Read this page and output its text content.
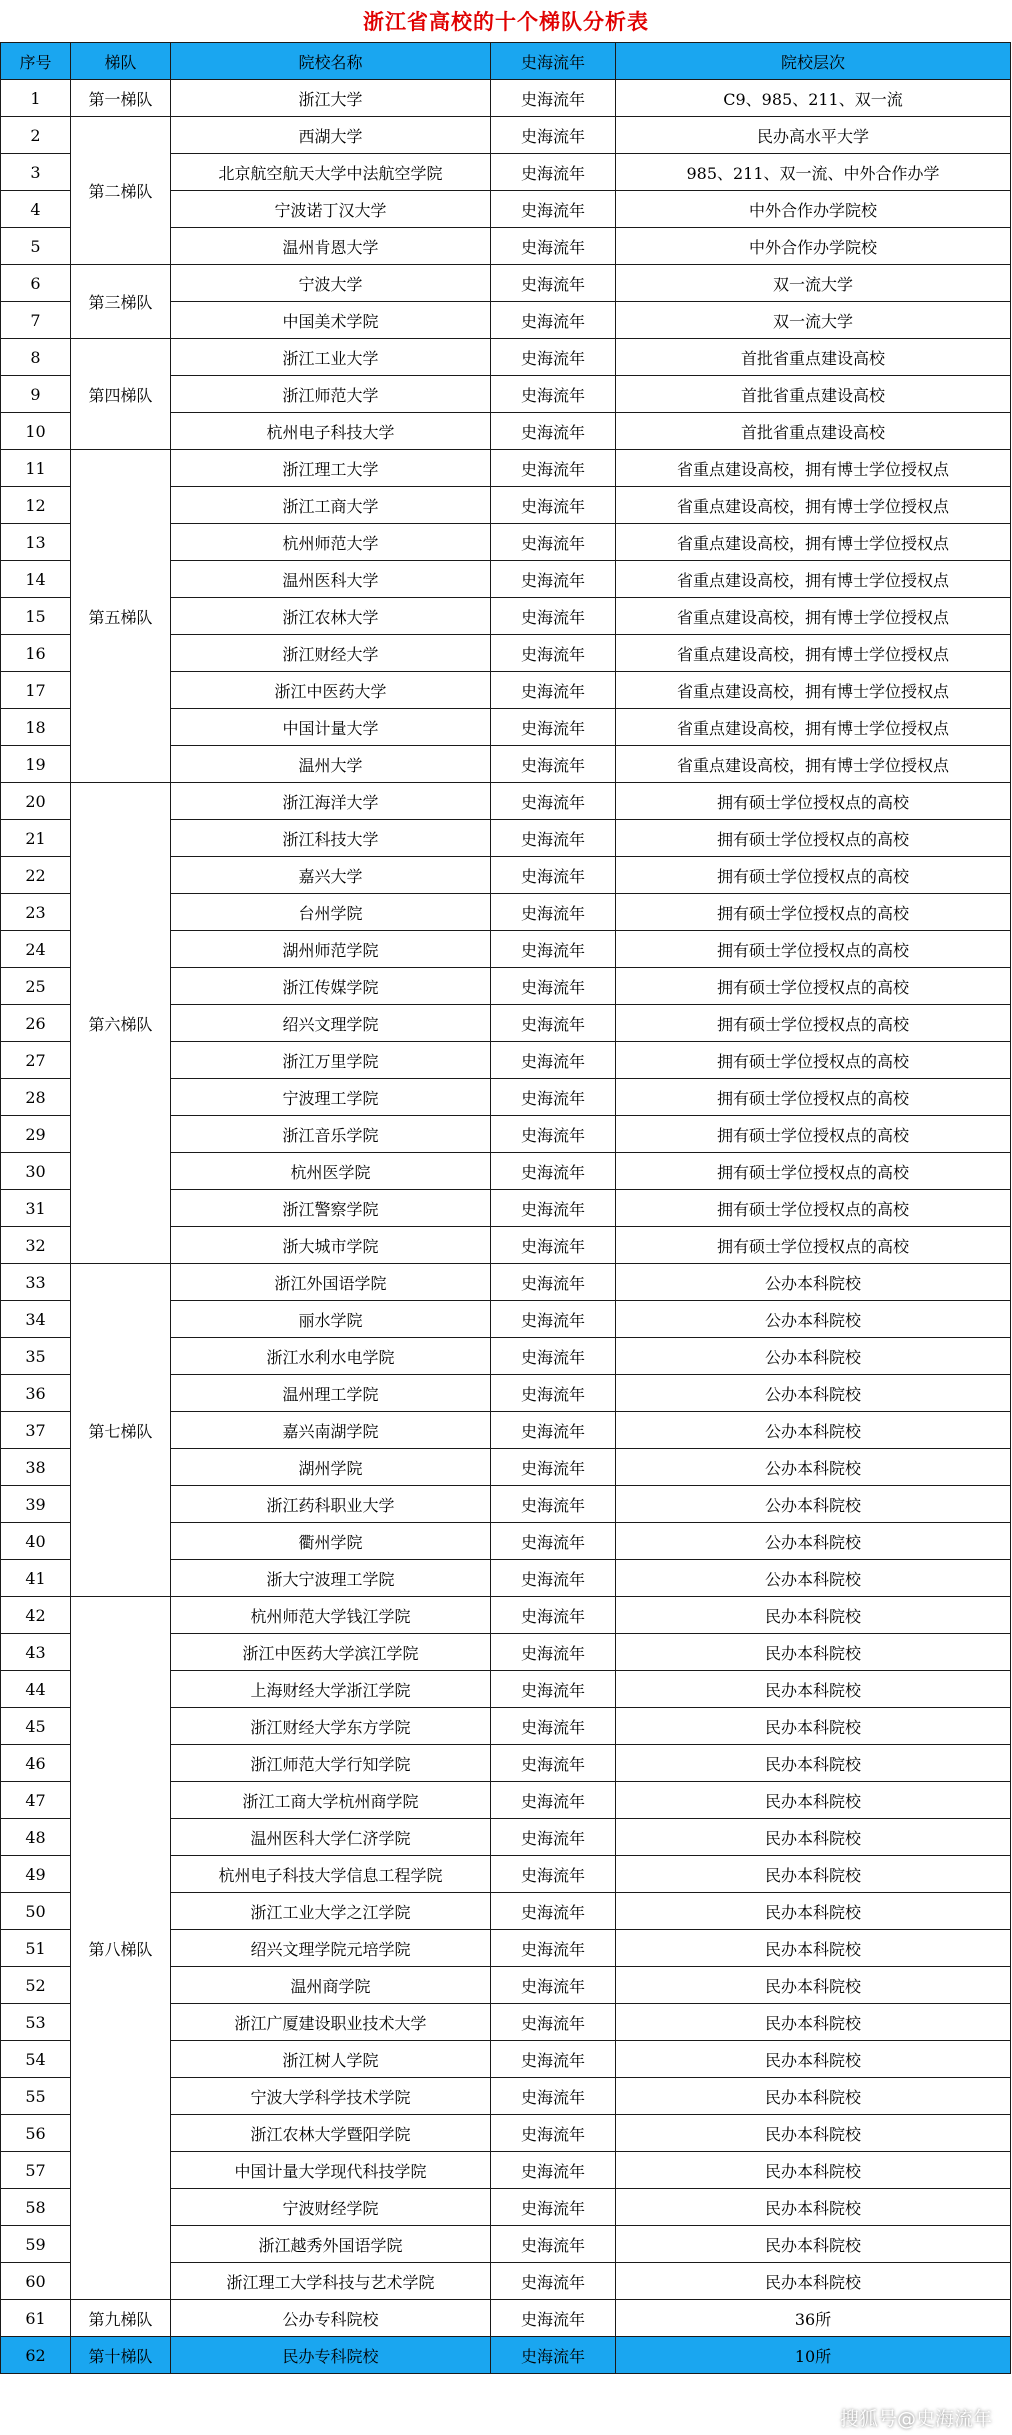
浙江省高校的十个梯队分析表
序号	梯队	院校名称	史海流年	院校层次
1	第一梯队	浙江大学	史海流年	C9、985、211、双一流
2	第二梯队	西湖大学	史海流年	民办高水平大学
3		北京航空航天大学中法航空学院	史海流年	985、211、双一流、中外合作办学
4		宁波诺丁汉大学	史海流年	中外合作办学院校
5		温州肯恩大学	史海流年	中外合作办学院校
6	第三梯队	宁波大学	史海流年	双一流大学
7		中国美术学院	史海流年	双一流大学
8	第四梯队	浙江工业大学	史海流年	首批省重点建设高校
9		浙江师范大学	史海流年	首批省重点建设高校
10		杭州电子科技大学	史海流年	首批省重点建设高校
11	第五梯队	浙江理工大学	史海流年	省重点建设高校，拥有博士学位授权点
12		浙江工商大学	史海流年	省重点建设高校，拥有博士学位授权点
13		杭州师范大学	史海流年	省重点建设高校，拥有博士学位授权点
14		温州医科大学	史海流年	省重点建设高校，拥有博士学位授权点
15		浙江农林大学	史海流年	省重点建设高校，拥有博士学位授权点
16		浙江财经大学	史海流年	省重点建设高校，拥有博士学位授权点
17		浙江中医药大学	史海流年	省重点建设高校，拥有博士学位授权点
18		中国计量大学	史海流年	省重点建设高校，拥有博士学位授权点
19		温州大学	史海流年	省重点建设高校，拥有博士学位授权点
20	第六梯队	浙江海洋大学	史海流年	拥有硕士学位授权点的高校
21		浙江科技大学	史海流年	拥有硕士学位授权点的高校
22		嘉兴大学	史海流年	拥有硕士学位授权点的高校
23		台州学院	史海流年	拥有硕士学位授权点的高校
24		湖州师范学院	史海流年	拥有硕士学位授权点的高校
25		浙江传媒学院	史海流年	拥有硕士学位授权点的高校
26		绍兴文理学院	史海流年	拥有硕士学位授权点的高校
27		浙江万里学院	史海流年	拥有硕士学位授权点的高校
28		宁波理工学院	史海流年	拥有硕士学位授权点的高校
29		浙江音乐学院	史海流年	拥有硕士学位授权点的高校
30		杭州医学院	史海流年	拥有硕士学位授权点的高校
31		浙江警察学院	史海流年	拥有硕士学位授权点的高校
32		浙大城市学院	史海流年	拥有硕士学位授权点的高校
33	第七梯队	浙江外国语学院	史海流年	公办本科院校
34		丽水学院	史海流年	公办本科院校
35		浙江水利水电学院	史海流年	公办本科院校
36		温州理工学院	史海流年	公办本科院校
37		嘉兴南湖学院	史海流年	公办本科院校
38		湖州学院	史海流年	公办本科院校
39		浙江药科职业大学	史海流年	公办本科院校
40		衢州学院	史海流年	公办本科院校
41		浙大宁波理工学院	史海流年	公办本科院校
42	第八梯队	杭州师范大学钱江学院	史海流年	民办本科院校
43		浙江中医药大学滨江学院	史海流年	民办本科院校
44		上海财经大学浙江学院	史海流年	民办本科院校
45		浙江财经大学东方学院	史海流年	民办本科院校
46		浙江师范大学行知学院	史海流年	民办本科院校
47		浙江工商大学杭州商学院	史海流年	民办本科院校
48		温州医科大学仁济学院	史海流年	民办本科院校
49		杭州电子科技大学信息工程学院	史海流年	民办本科院校
50		浙江工业大学之江学院	史海流年	民办本科院校
51		绍兴文理学院元培学院	史海流年	民办本科院校
52		温州商学院	史海流年	民办本科院校
53		浙江广厦建设职业技术大学	史海流年	民办本科院校
54		浙江树人学院	史海流年	民办本科院校
55		宁波大学科学技术学院	史海流年	民办本科院校
56		浙江农林大学暨阳学院	史海流年	民办本科院校
57		中国计量大学现代科技学院	史海流年	民办本科院校
58		宁波财经学院	史海流年	民办本科院校
59		浙江越秀外国语学院	史海流年	民办本科院校
60		浙江理工大学科技与艺术学院	史海流年	民办本科院校
61	第九梯队	公办专科院校	史海流年	36所
62	第十梯队	民办专科院校	史海流年	10所
搜狐号@史海流年
